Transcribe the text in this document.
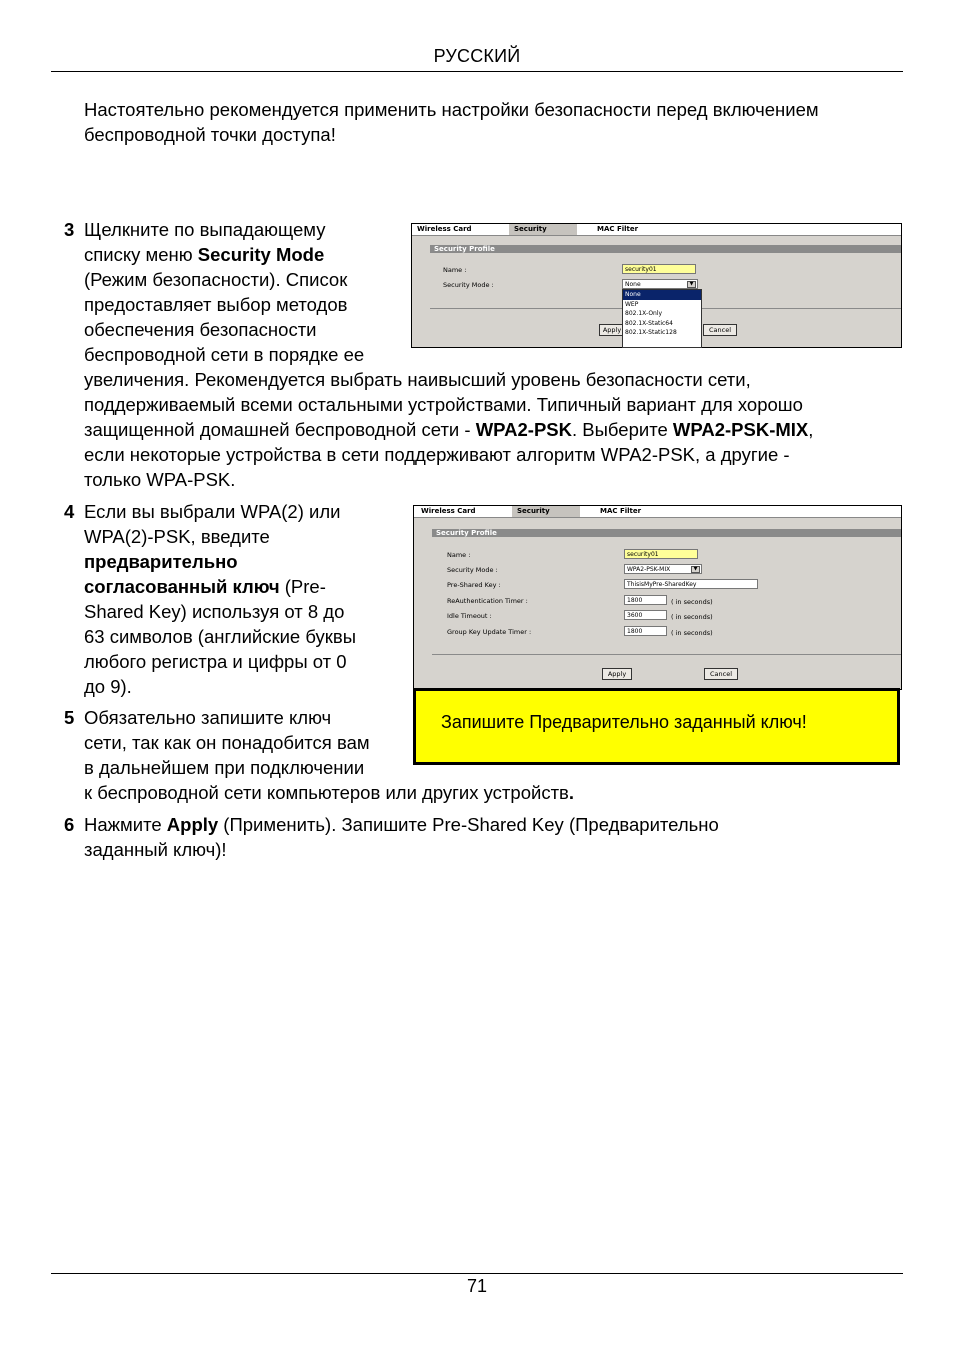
РУССКИЙ
Настоятельно рекомендуется применить настройки безопасности перед включением беспроводной точки доступа!
3 Щелкните по выпадающему
списку меню Security Mode
(Режим безопасности). Список
предоставляет выбор методов
обеспечения безопасности
беспроводной сети в порядке ее
увеличения. Рекомендуется выбрать наивысший уровень безопасности сети,
поддерживаемый всеми остальными устройствами. Типичный вариант для хорошо
защищенной домашней беспроводной сети - WPA2-PSK. Выберите WPA2-PSK-MIX,
если некоторые устройства в сети поддерживают алгоритм WPA2-PSK, а другие -
только WPA-PSK.
Wireless Card	Security	MAC Filter
Security Profile
Name :	security01
Security Mode :	None	▼
Apply	Cancel
None
WEP
802.1X-Only
802.1X-Static64
802.1X-Static128
4 Если вы выбрали WPA(2) или
WPA(2)-PSK, введите
предварительно
согласованный ключ (Pre-
Shared Key) используя от 8 до
63 символов (английские буквы
любого регистра и цифры от 0
до 9).
Wireless Card	Security	MAC Filter
Security Profile
Name :	security01
Security Mode :	WPA2-PSK-MIX	▼
Pre-Shared Key :	ThisisMyPre-SharedKey
ReAuthentication Timer :	1800	( in seconds)
Idle Timeout :	3600	( in seconds)
Group Key Update Timer :	1800	( in seconds)
Apply	Cancel
Запишите Предварительно заданный ключ!
5 Обязательно запишите ключ
сети, так как он понадобится вам
в дальнейшем при подключении
к беспроводной сети компьютеров или других устройств.
6 Нажмите Apply (Применить). Запишите Pre-Shared Key (Предварительно
заданный ключ)!
71
